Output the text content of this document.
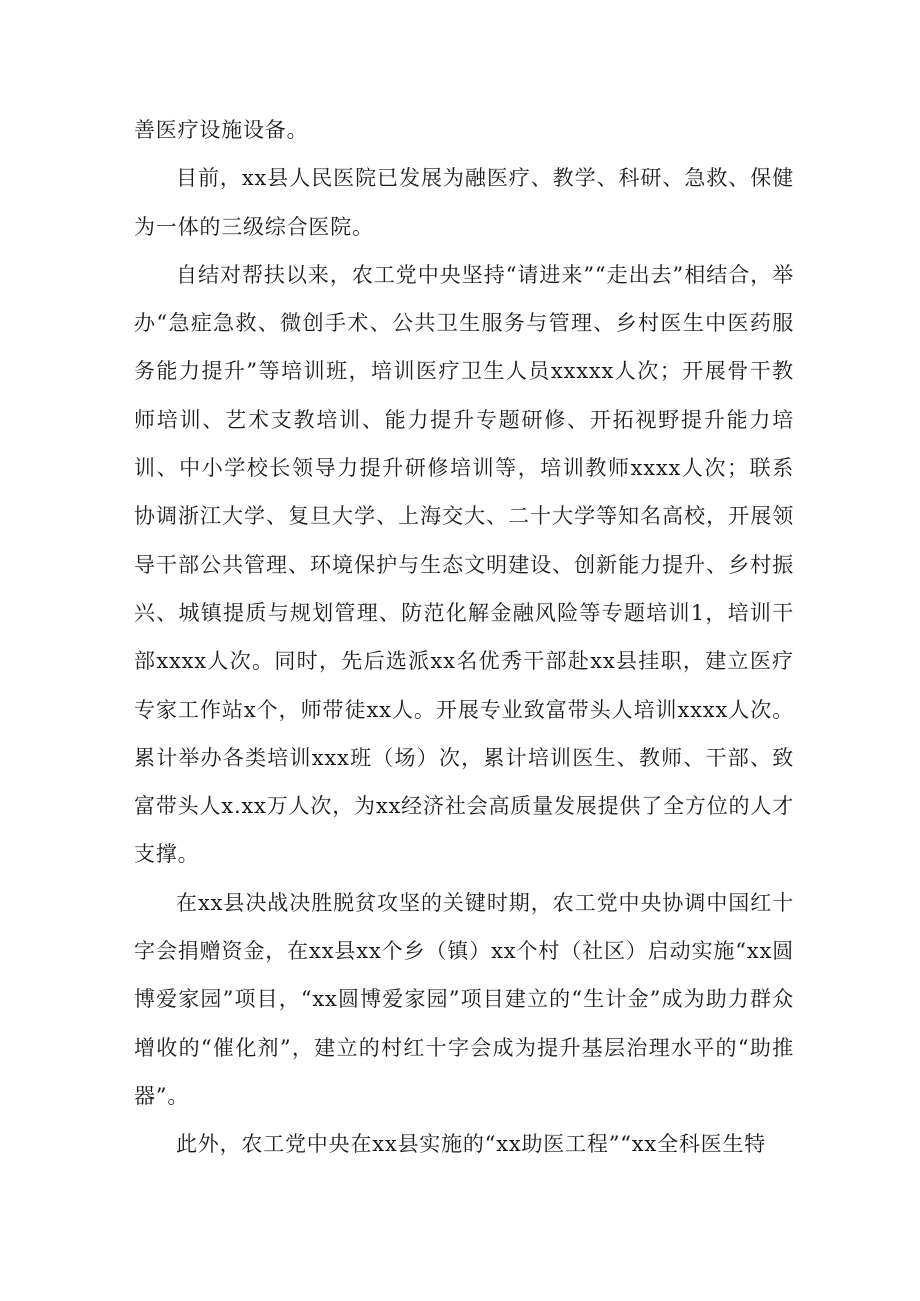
善医疗设施设备。

目前，xx县人民医院已发展为融医疗、教学、科研、急救、保健为一体的三级综合医院。

自结对帮扶以来，农工党中央坚持“请进来”“走出去”相结合，举办“急症急救、微创手术、公共卫生服务与管理、乡村医生中医药服务能力提升”等培训班，培训医疗卫生人员xxxxx人次；开展骨干教师培训、艺术支教培训、能力提升专题研修、开拓视野提升能力培训、中小学校长领导力提升研修培训等，培训教师xxxx人次；联系协调浙江大学、复旦大学、上海交大、二十大学等知名高校，开展领导干部公共管理、环境保护与生态文明建设、创新能力提升、乡村振兴、城镇提质与规划管理、防范化解金融风险等专题培训1，培训干部xxxx人次。同时，先后选派xx名优秀干部赴xx县挂职，建立医疗专家工作站x个，师带徒xx人。开展专业致富带头人培训xxxx人次。累计举办各类培训xxx班（场）次，累计培训医生、教师、干部、致富带头人x.xx万人次，为xx经济社会高质量发展提供了全方位的人才支撑。

在xx县决战决胜脱贫攻坚的关键时期，农工党中央协调中国红十字会捐赠资金，在xx县xx个乡（镇）xx个村（社区）启动实施“xx圆博爱家园”项目，“xx圆博爱家园”项目建立的“生计金”成为助力群众增收的“催化剂”，建立的村红十字会成为提升基层治理水平的“助推器”。

此外，农工党中央在xx县实施的“xx助医工程”“xx全科医生特
